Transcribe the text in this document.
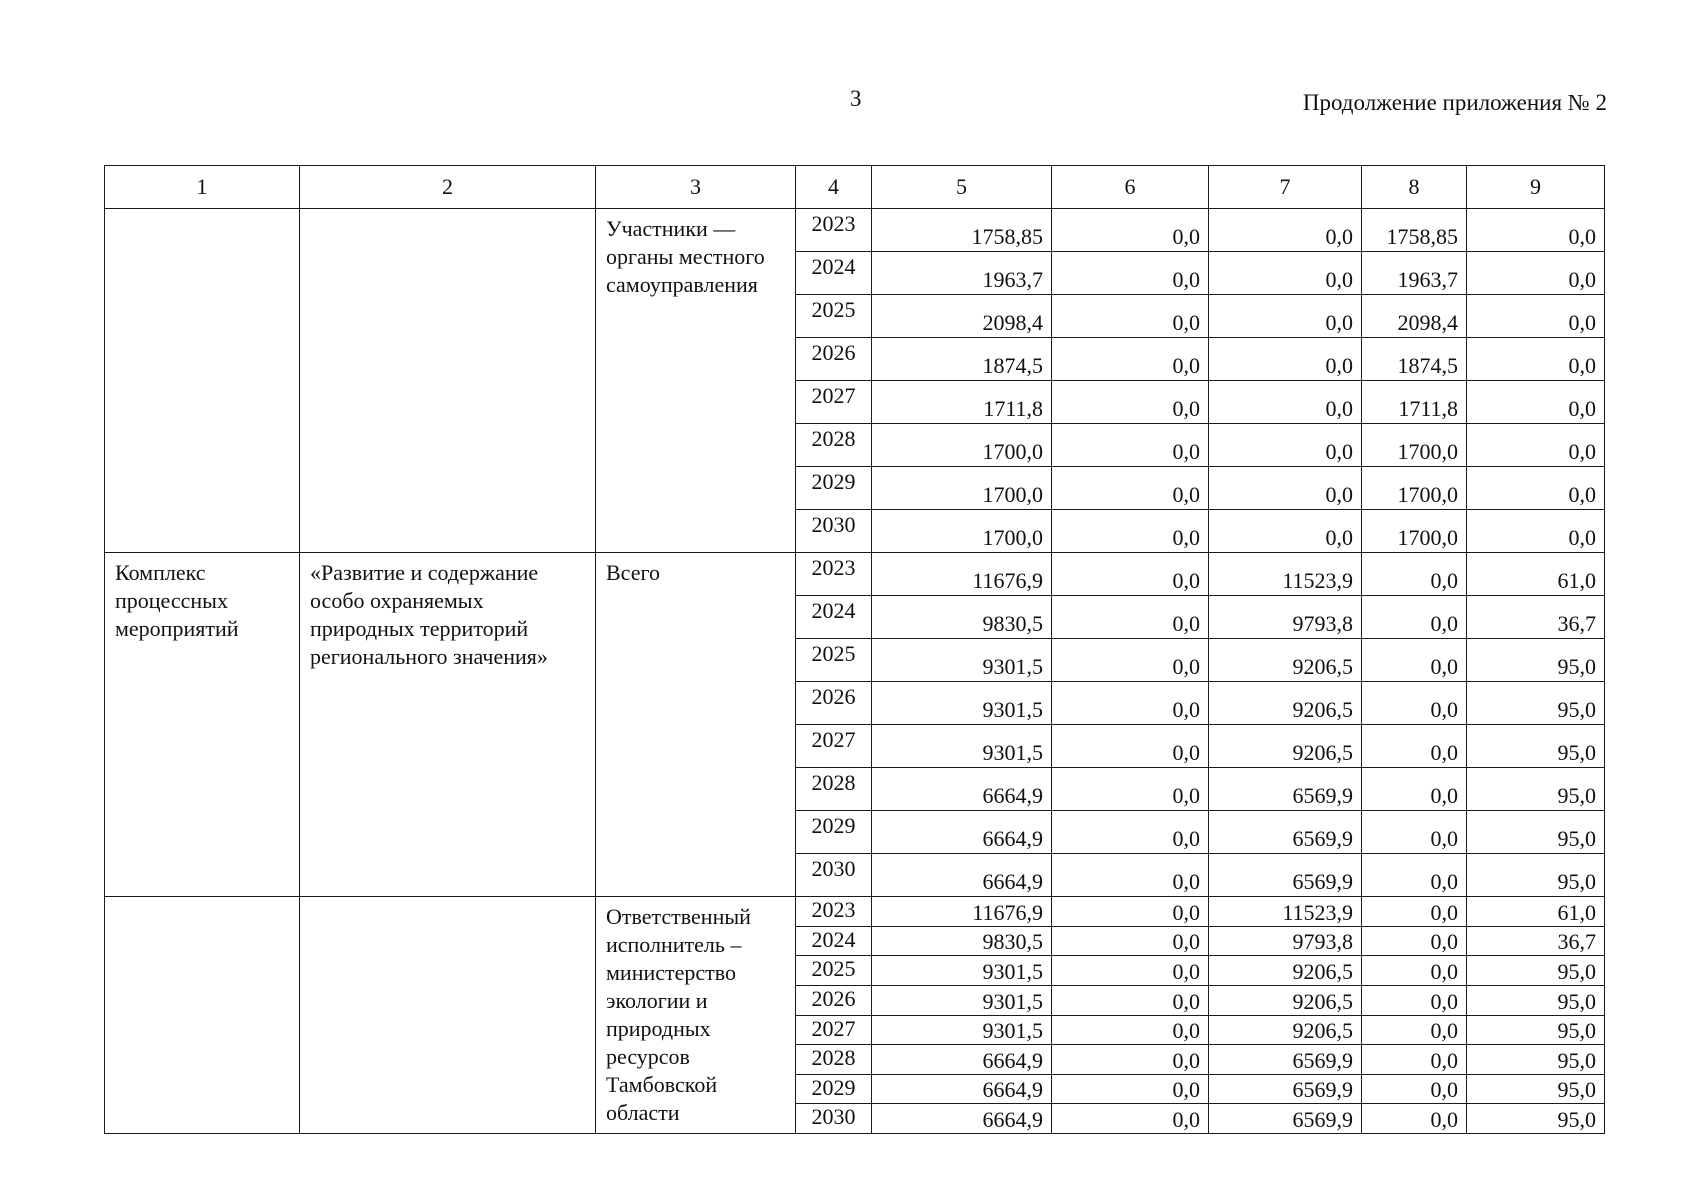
3	Продолжение приложения № 2
1	2	3	4	5	6	7	8	9
		Участники — органы местного самоуправления	2023	1758,85	0,0	0,0	1758,85	0,0
			2024	1963,7	0,0	0,0	1963,7	0,0
			2025	2098,4	0,0	0,0	2098,4	0,0
			2026	1874,5	0,0	0,0	1874,5	0,0
			2027	1711,8	0,0	0,0	1711,8	0,0
			2028	1700,0	0,0	0,0	1700,0	0,0
			2029	1700,0	0,0	0,0	1700,0	0,0
			2030	1700,0	0,0	0,0	1700,0	0,0
Комплекс процессных мероприятий	«Развитие и содержание особо охраняемых природных территорий регионального значения»	Всего	2023	11676,9	0,0	11523,9	0,0	61,0
			2024	9830,5	0,0	9793,8	0,0	36,7
			2025	9301,5	0,0	9206,5	0,0	95,0
			2026	9301,5	0,0	9206,5	0,0	95,0
			2027	9301,5	0,0	9206,5	0,0	95,0
			2028	6664,9	0,0	6569,9	0,0	95,0
			2029	6664,9	0,0	6569,9	0,0	95,0
			2030	6664,9	0,0	6569,9	0,0	95,0
		Ответственный исполнитель – министерство экологии и природных ресурсов Тамбовской области	2023	11676,9	0,0	11523,9	0,0	61,0
			2024	9830,5	0,0	9793,8	0,0	36,7
			2025	9301,5	0,0	9206,5	0,0	95,0
			2026	9301,5	0,0	9206,5	0,0	95,0
			2027	9301,5	0,0	9206,5	0,0	95,0
			2028	6664,9	0,0	6569,9	0,0	95,0
			2029	6664,9	0,0	6569,9	0,0	95,0
			2030	6664,9	0,0	6569,9	0,0	95,0
